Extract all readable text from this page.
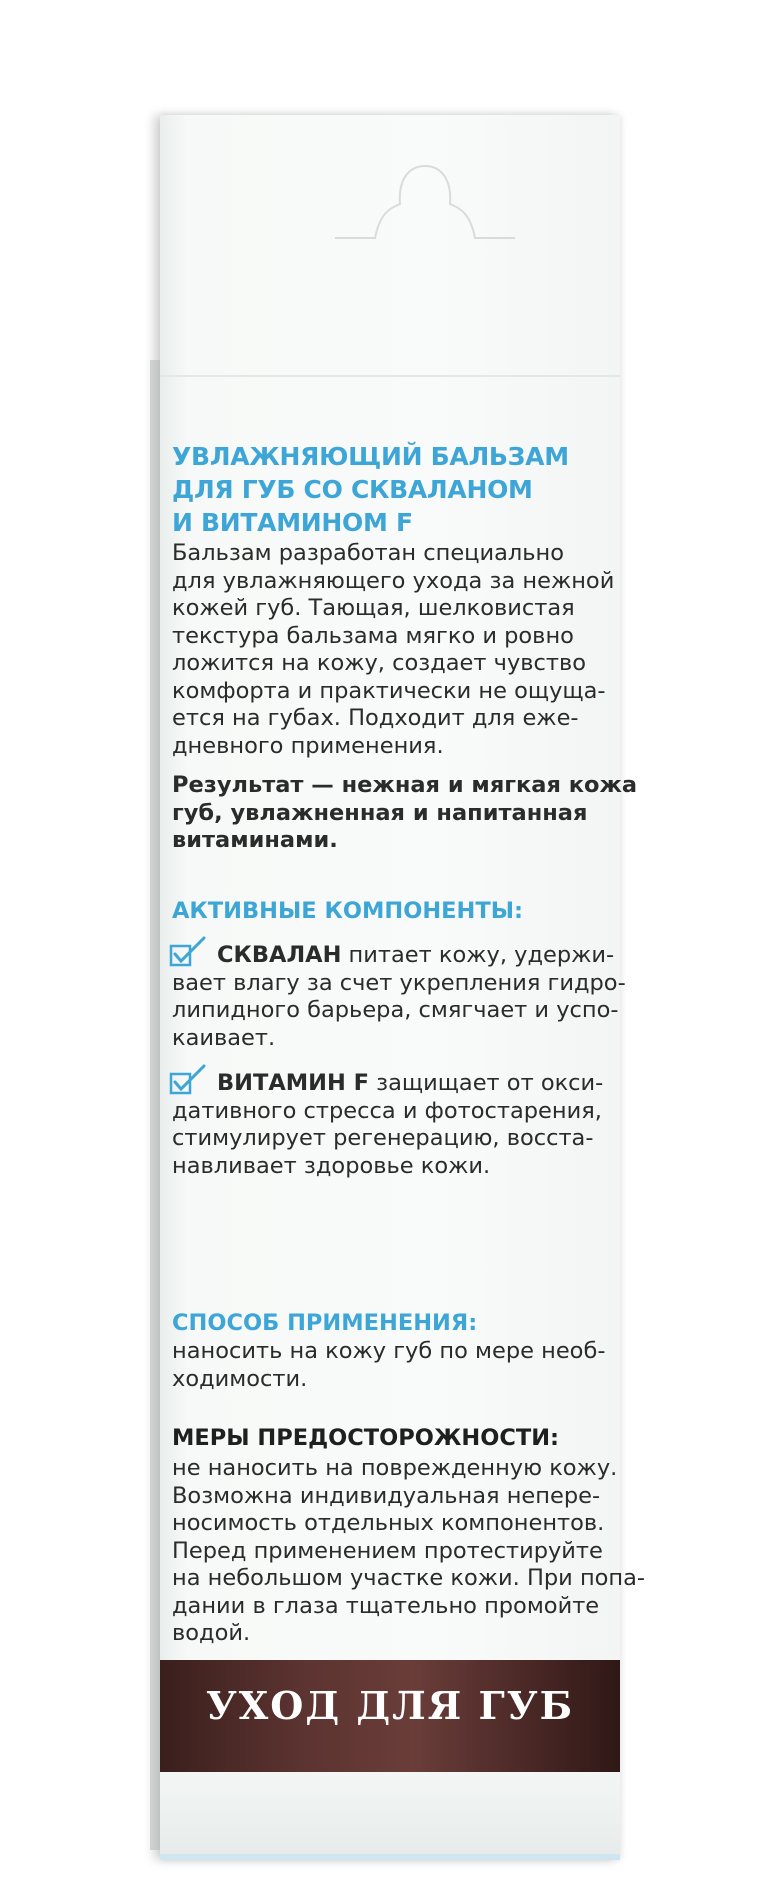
УВЛАЖНЯЮЩИЙ БАЛЬЗАМ
ДЛЯ ГУБ СО СКВАЛАНОМ
И ВИТАМИНОМ F
Бальзам разработан специально
для увлажняющего ухода за нежной
кожей губ. Тающая, шелковистая
текстура бальзама мягко и ровно
ложится на кожу, создает чувство
комфорта и практически не ощуща-
ется на губах. Подходит для еже-
дневного применения.
Результат — нежная и мягкая кожа
губ, увлажненная и напитанная
витаминами.
АКТИВНЫЕ КОМПОНЕНТЫ:
СКВАЛАН питает кожу, удержи-
вает влагу за счет укрепления гидро-
липидного барьера, смягчает и успо-
каивает.
ВИТАМИН F защищает от окси-
дативного стресса и фотостарения,
стимулирует регенерацию, восста-
навливает здоровье кожи.
СПОСОБ ПРИМЕНЕНИЯ:
наносить на кожу губ по мере необ-
ходимости.
МЕРЫ ПРЕДОСТОРОЖНОСТИ:
не наносить на поврежденную кожу.
Возможна индивидуальная непере-
носимость отдельных компонентов.
Перед применением протестируйте
на небольшом участке кожи. При попа-
дании в глаза тщательно промойте
водой.
УХОД ДЛЯ ГУБ
